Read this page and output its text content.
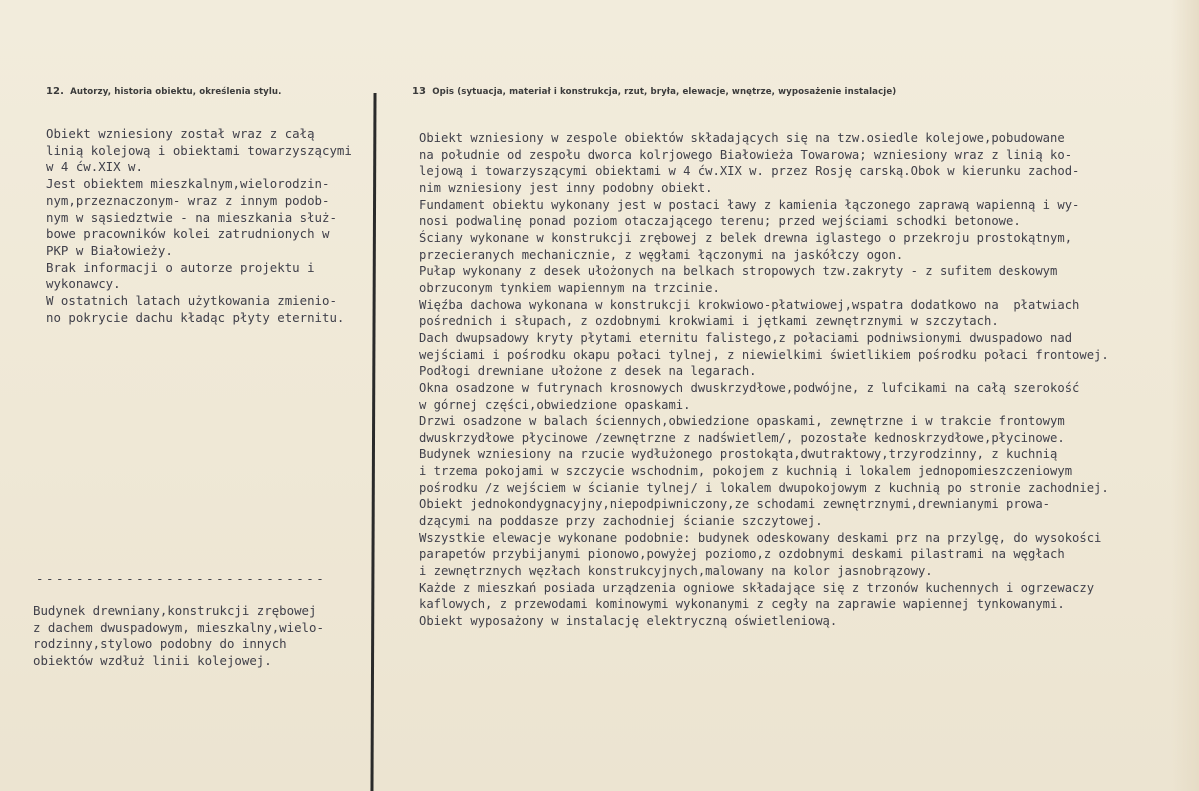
12. Autorzy, historia obiektu, określenia stylu.	13 Opis (sytuacja, materiał i konstrukcja, rzut, bryła, elewacje, wnętrze, wyposażenie instalacje)
Obiekt wzniesiony został wraz z całą
linią kolejową i obiektami towarzyszącymi
w 4 ćw.XIX w.
Jest obiektem mieszkalnym,wielorodzin-
nym,przeznaczonym- wraz z innym podob-
nym w sąsiedztwie - na mieszkania służ-
bowe pracowników kolei zatrudnionych w
PKP w Białowieży.
Brak informacji o autorze projektu i
wykonawcy.
W ostatnich latach użytkowania zmienio-
no pokrycie dachu kładąc płyty eternitu.
-----------------------------
Budynek drewniany,konstrukcji zrębowej
z dachem dwuspadowym, mieszkalny,wielo-
rodzinny,stylowo podobny do innych
obiektów wzdłuż linii kolejowej.
Obiekt wzniesiony w zespole obiektów składających się na tzw.osiedle kolejowe,pobudowane
na południe od zespołu dworca kolrjowego Białowieża Towarowa; wzniesiony wraz z linią ko-
lejową i towarzyszącymi obiektami w 4 ćw.XIX w. przez Rosję carską.Obok w kierunku zachod-
nim wzniesiony jest inny podobny obiekt.
Fundament obiektu wykonany jest w postaci ławy z kamienia łączonego zaprawą wapienną i wy-
nosi podwalinę ponad poziom otaczającego terenu; przed wejściami schodki betonowe.
Ściany wykonane w konstrukcji zrębowej z belek drewna iglastego o przekroju prostokątnym,
przecieranych mechanicznie, z węgłami łączonymi na jaskółczy ogon.
Pułap wykonany z desek ułożonych na belkach stropowych tzw.zakryty - z sufitem deskowym
obrzuconym tynkiem wapiennym na trzcinie.
Więźba dachowa wykonana w konstrukcji krokwiowo-płatwiowej,wspatra dodatkowo na  płatwiach
pośrednich i słupach, z ozdobnymi krokwiami i jętkami zewnętrznymi w szczytach.
Dach dwupsadowy kryty płytami eternitu falistego,z połaciami podniwsionymi dwuspadowo nad
wejściami i pośrodku okapu połaci tylnej, z niewielkimi świetlikiem pośrodku połaci frontowej.
Podłogi drewniane ułożone z desek na legarach.
Okna osadzone w futrynach krosnowych dwuskrzydłowe,podwójne, z lufcikami na całą szerokość
w górnej części,obwiedzione opaskami.
Drzwi osadzone w balach ściennych,obwiedzione opaskami, zewnętrzne i w trakcie frontowym
dwuskrzydłowe płycinowe /zewnętrzne z nadświetlem/, pozostałe kednoskrzydłowe,płycinowe.
Budynek wzniesiony na rzucie wydłużonego prostokąta,dwutraktowy,trzyrodzinny, z kuchnią
i trzema pokojami w szczycie wschodnim, pokojem z kuchnią i lokalem jednopomieszczeniowym
pośrodku /z wejściem w ścianie tylnej/ i lokalem dwupokojowym z kuchnią po stronie zachodniej.
Obiekt jednokondygnacyjny,niepodpiwniczony,ze schodami zewnętrznymi,drewnianymi prowa-
dzącymi na poddasze przy zachodniej ścianie szczytowej.
Wszystkie elewacje wykonane podobnie: budynek odeskowany deskami prz na przylgę, do wysokości
parapetów przybijanymi pionowo,powyżej poziomo,z ozdobnymi deskami pilastrami na węgłach
i zewnętrznych węzłach konstrukcyjnych,malowany na kolor jasnobrązowy.
Każde z mieszkań posiada urządzenia ogniowe składające się z trzonów kuchennych i ogrzewaczy
kaflowych, z przewodami kominowymi wykonanymi z cegły na zaprawie wapiennej tynkowanymi.
Obiekt wyposażony w instalację elektryczną oświetleniową.
